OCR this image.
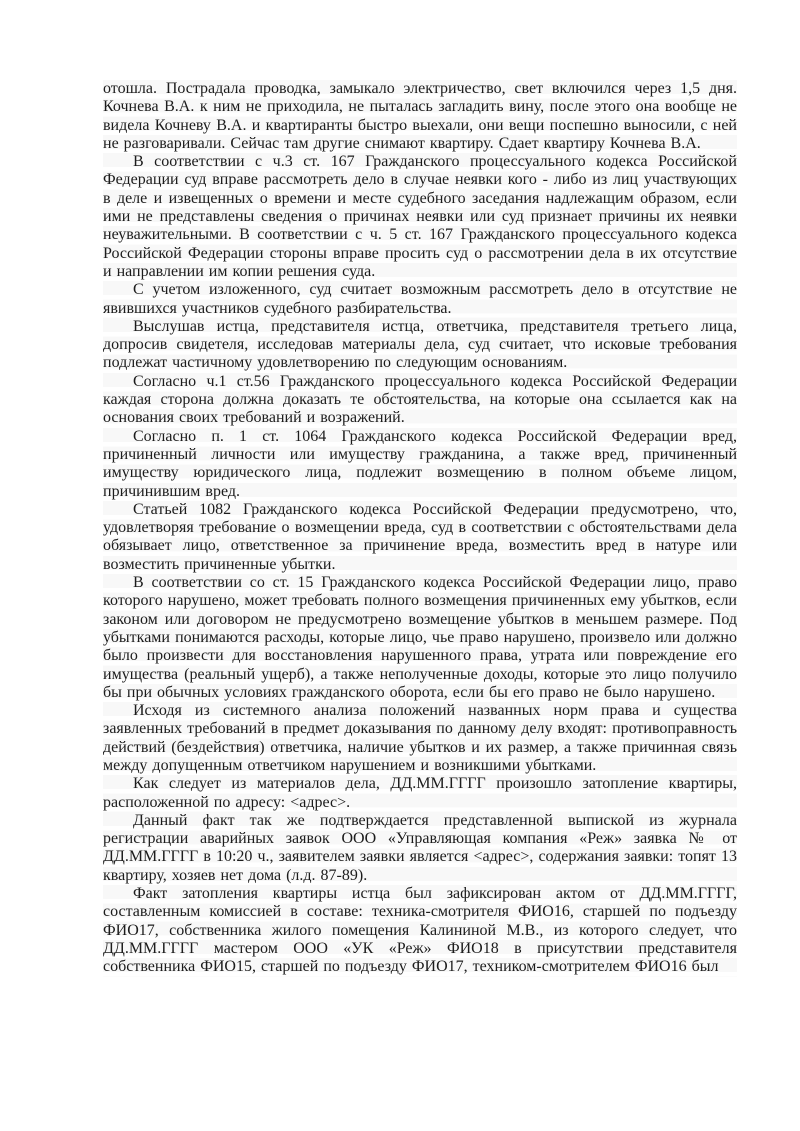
отошла. Пострадала проводка, замыкало электричество, свет включился через 1,5 дня. Кочнева В.А. к ним не приходила, не пыталась загладить вину, после этого она вообще не видела Кочневу В.А. и квартиранты быстро выехали, они вещи поспешно выносили, с ней не разговаривали. Сейчас там другие снимают квартиру. Сдает квартиру Кочнева В.А.

В соответствии с ч.3 ст. 167 Гражданского процессуального кодекса Российской Федерации суд вправе рассмотреть дело в случае неявки кого - либо из лиц участвующих в деле и извещенных о времени и месте судебного заседания надлежащим образом, если ими не представлены сведения о причинах неявки или суд признает причины их неявки неуважительными. В соответствии с ч. 5 ст. 167 Гражданского процессуального кодекса Российской Федерации стороны вправе просить суд о рассмотрении дела в их отсутствие и направлении им копии решения суда.

С учетом изложенного, суд считает возможным рассмотреть дело в отсутствие не явившихся участников судебного разбирательства.

Выслушав истца, представителя истца, ответчика, представителя третьего лица, допросив свидетеля, исследовав материалы дела, суд считает, что исковые требования подлежат частичному удовлетворению по следующим основаниям.

Согласно ч.1 ст.56 Гражданского процессуального кодекса Российской Федерации каждая сторона должна доказать те обстоятельства, на которые она ссылается как на основания своих требований и возражений.

Согласно п. 1 ст. 1064 Гражданского кодекса Российской Федерации вред, причиненный личности или имуществу гражданина, а также вред, причиненный имуществу юридического лица, подлежит возмещению в полном объеме лицом, причинившим вред.

Статьей 1082 Гражданского кодекса Российской Федерации предусмотрено, что, удовлетворяя требование о возмещении вреда, суд в соответствии с обстоятельствами дела обязывает лицо, ответственное за причинение вреда, возместить вред в натуре или возместить причиненные убытки.

В соответствии со ст. 15 Гражданского кодекса Российской Федерации лицо, право которого нарушено, может требовать полного возмещения причиненных ему убытков, если законом или договором не предусмотрено возмещение убытков в меньшем размере. Под убытками понимаются расходы, которые лицо, чье право нарушено, произвело или должно было произвести для восстановления нарушенного права, утрата или повреждение его имущества (реальный ущерб), а также неполученные доходы, которые это лицо получило бы при обычных условиях гражданского оборота, если бы его право не было нарушено.

Исходя из системного анализа положений названных норм права и существа заявленных требований в предмет доказывания по данному делу входят: противоправность действий (бездействия) ответчика, наличие убытков и их размер, а также причинная связь между допущенным ответчиком нарушением и возникшими убытками.

Как следует из материалов дела, ДД.ММ.ГГГГ произошло затопление квартиры, расположенной по адресу: <адрес>.

Данный факт так же подтверждается представленной выпиской из журнала регистрации аварийных заявок ООО «Управляющая компания «Реж» заявка № от ДД.ММ.ГГГГ в 10:20 ч., заявителем заявки является <адрес>, содержания заявки: топят 13 квартиру, хозяев нет дома (л.д. 87-89).

Факт затопления квартиры истца был зафиксирован актом от ДД.ММ.ГГГГ, составленным комиссией в составе: техника-смотрителя ФИО16, старшей по подъезду ФИО17, собственника жилого помещения Калининой М.В., из которого следует, что ДД.ММ.ГГГГ мастером ООО «УК «Реж» ФИО18 в присутствии представителя собственника ФИО15, старшей по подъезду ФИО17, техником-смотрителем ФИО16 был
